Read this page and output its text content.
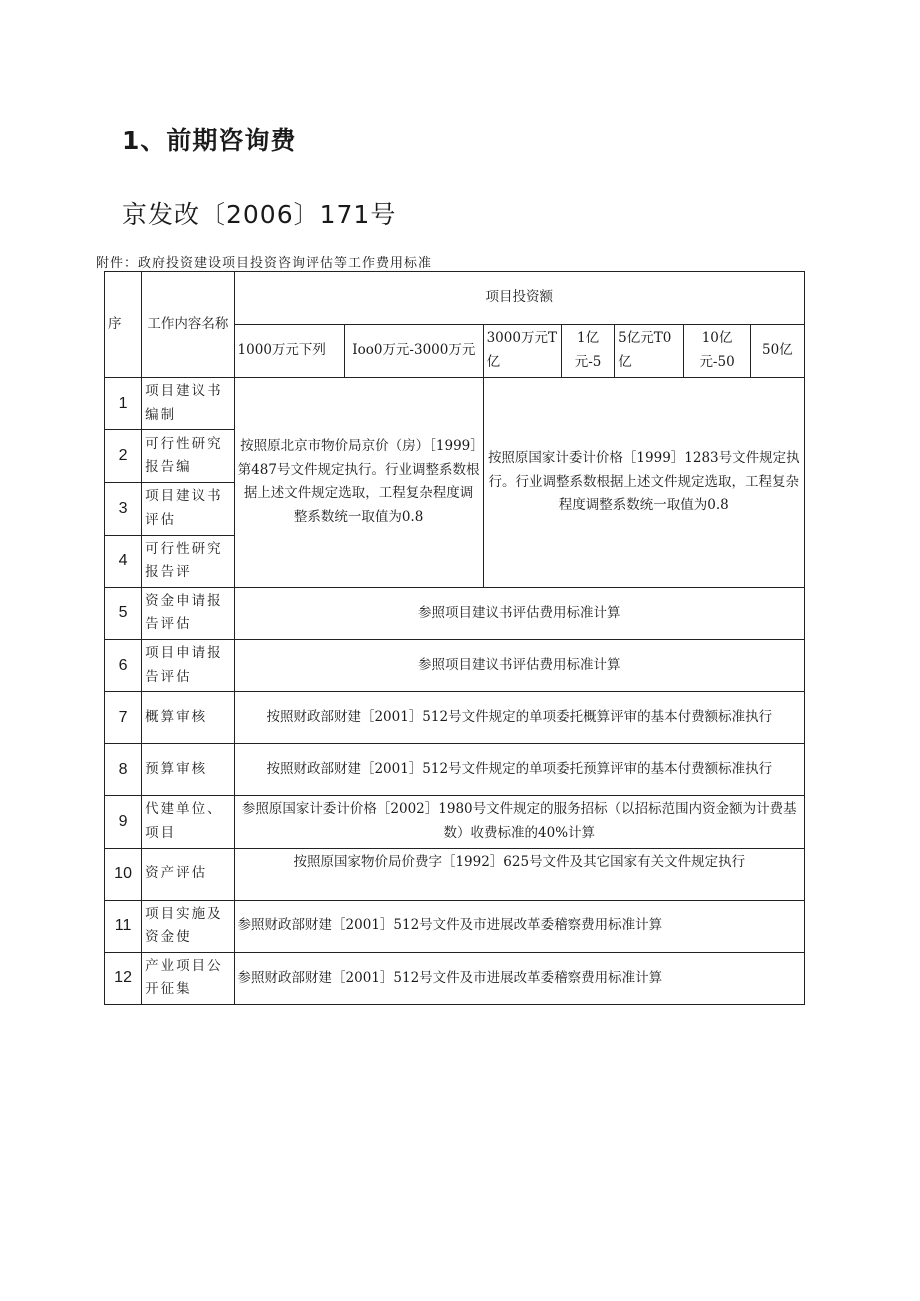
1、前期咨询费
京发改〔2006〕171号
附件：政府投资建设项目投资咨询评估等工作费用标准
序	工作内容名称	项目投资额						
		1000万元下列	Ioo0万元-3000万元	3000万元T亿	1亿元-5	5亿元T0亿	10亿元-50	50亿
1	项目建议书编制	按照原北京市物价局京价（房）［1999］第487号文件规定执行。行业调整系数根据上述文件规定选取，工程复杂程度调整系数统一取值为0.8		按照原国家计委计价格［1999］1283号文件规定执行。行业调整系数根据上述文件规定选取，工程复杂程度调整系数统一取值为0.8				
2	可行性研究报告编							
3	项目建议书评估							
4	可行性研究报告评							
5	资金申请报告评估	参照项目建议书评估费用标准计算						
6	项目申请报告评估	参照项目建议书评估费用标准计算						
7	概算审核	按照财政部财建［2001］512号文件规定的单项委托概算评审的基本付费额标准执行						
8	预算审核	按照财政部财建［2001］512号文件规定的单项委托预算评审的基本付费额标准执行						
9	代建单位、项目	参照原国家计委计价格［2002］1980号文件规定的服务招标（以招标范围内资金额为计费基数）收费标准的40%计算						
10	资产评估	按照原国家物价局价费字［1992］625号文件及其它国家有关文件规定执行						
11	项目实施及资金使	参照财政部财建［2001］512号文件及市进展改革委稽察费用标准计算						
12	产业项目公开征集	参照财政部财建［2001］512号文件及市进展改革委稽察费用标准计算						
